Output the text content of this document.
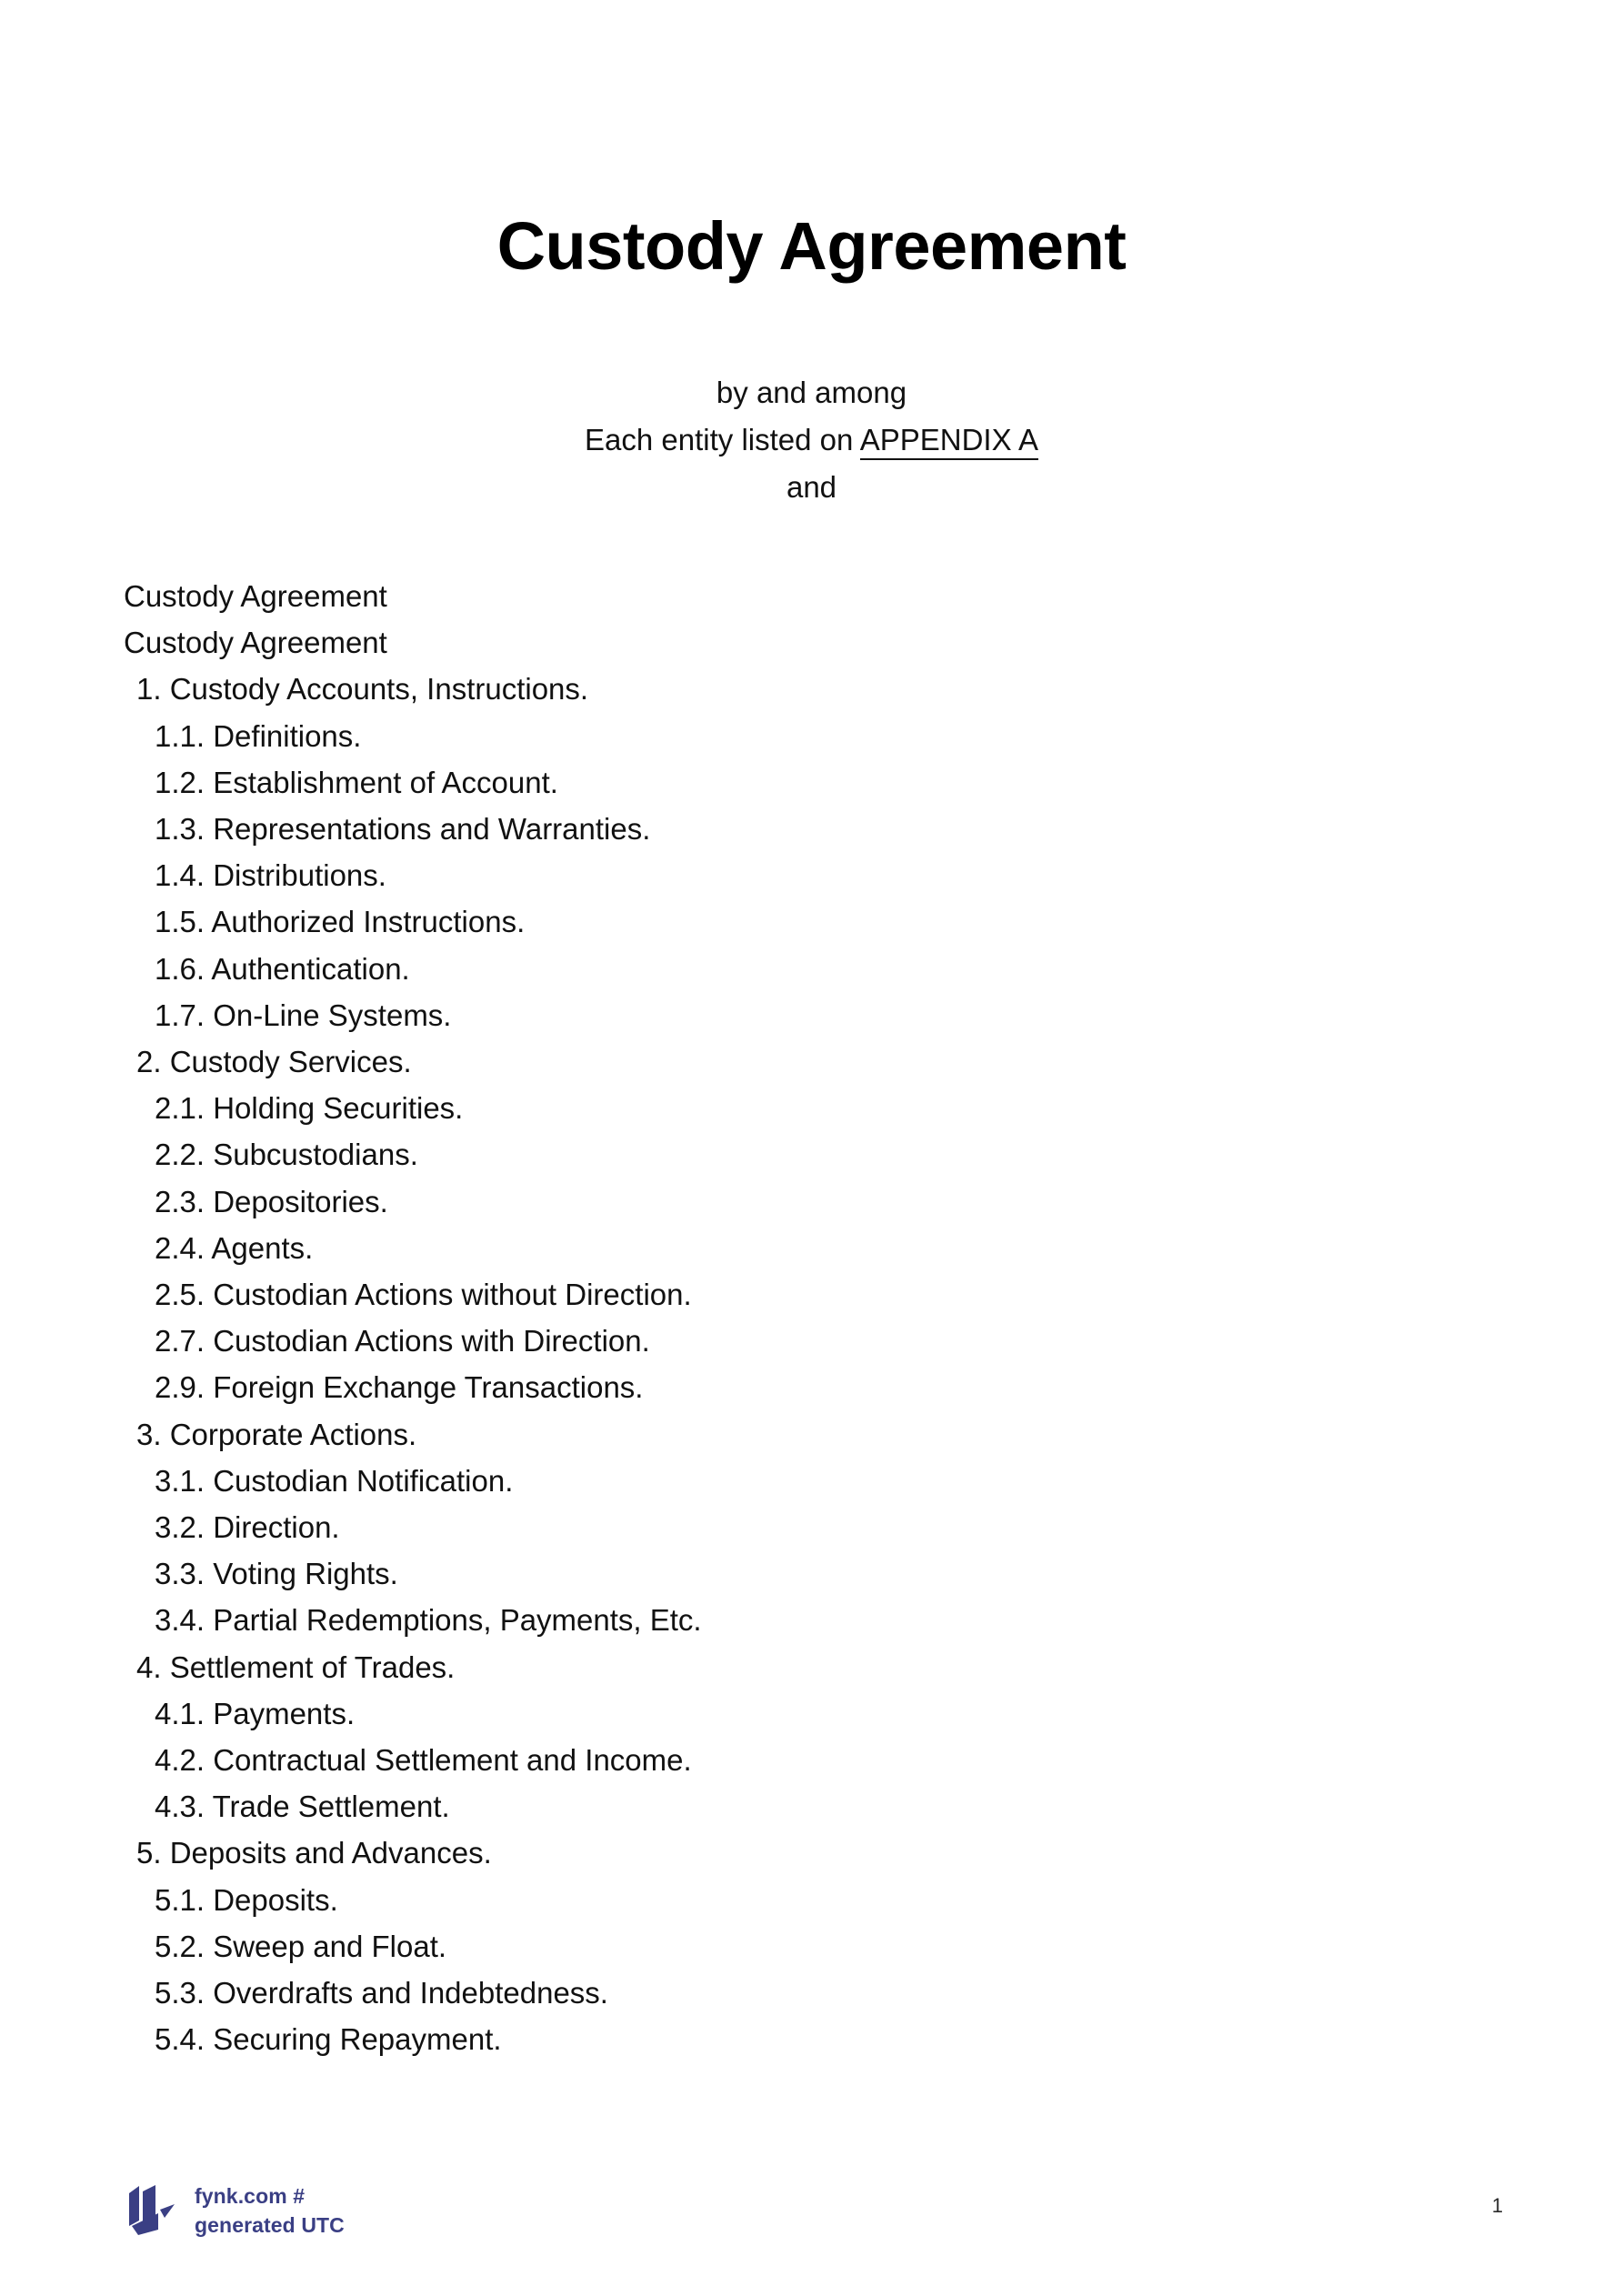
Custody Agreement
by and among
Each entity listed on APPENDIX A
and
Custody Agreement
Custody Agreement
1. Custody Accounts, Instructions.
1.1. Definitions.
1.2. Establishment of Account.
1.3. Representations and Warranties.
1.4. Distributions.
1.5. Authorized Instructions.
1.6. Authentication.
1.7. On-Line Systems.
2. Custody Services.
2.1. Holding Securities.
2.2. Subcustodians.
2.3. Depositories.
2.4. Agents.
2.5. Custodian Actions without Direction.
2.7. Custodian Actions with Direction.
2.9. Foreign Exchange Transactions.
3. Corporate Actions.
3.1. Custodian Notification.
3.2. Direction.
3.3. Voting Rights.
3.4. Partial Redemptions, Payments, Etc.
4. Settlement of Trades.
4.1. Payments.
4.2. Contractual Settlement and Income.
4.3. Trade Settlement.
5. Deposits and Advances.
5.1. Deposits.
5.2. Sweep and Float.
5.3. Overdrafts and Indebtedness.
5.4. Securing Repayment.
fynk.com #
generated UTC
1
